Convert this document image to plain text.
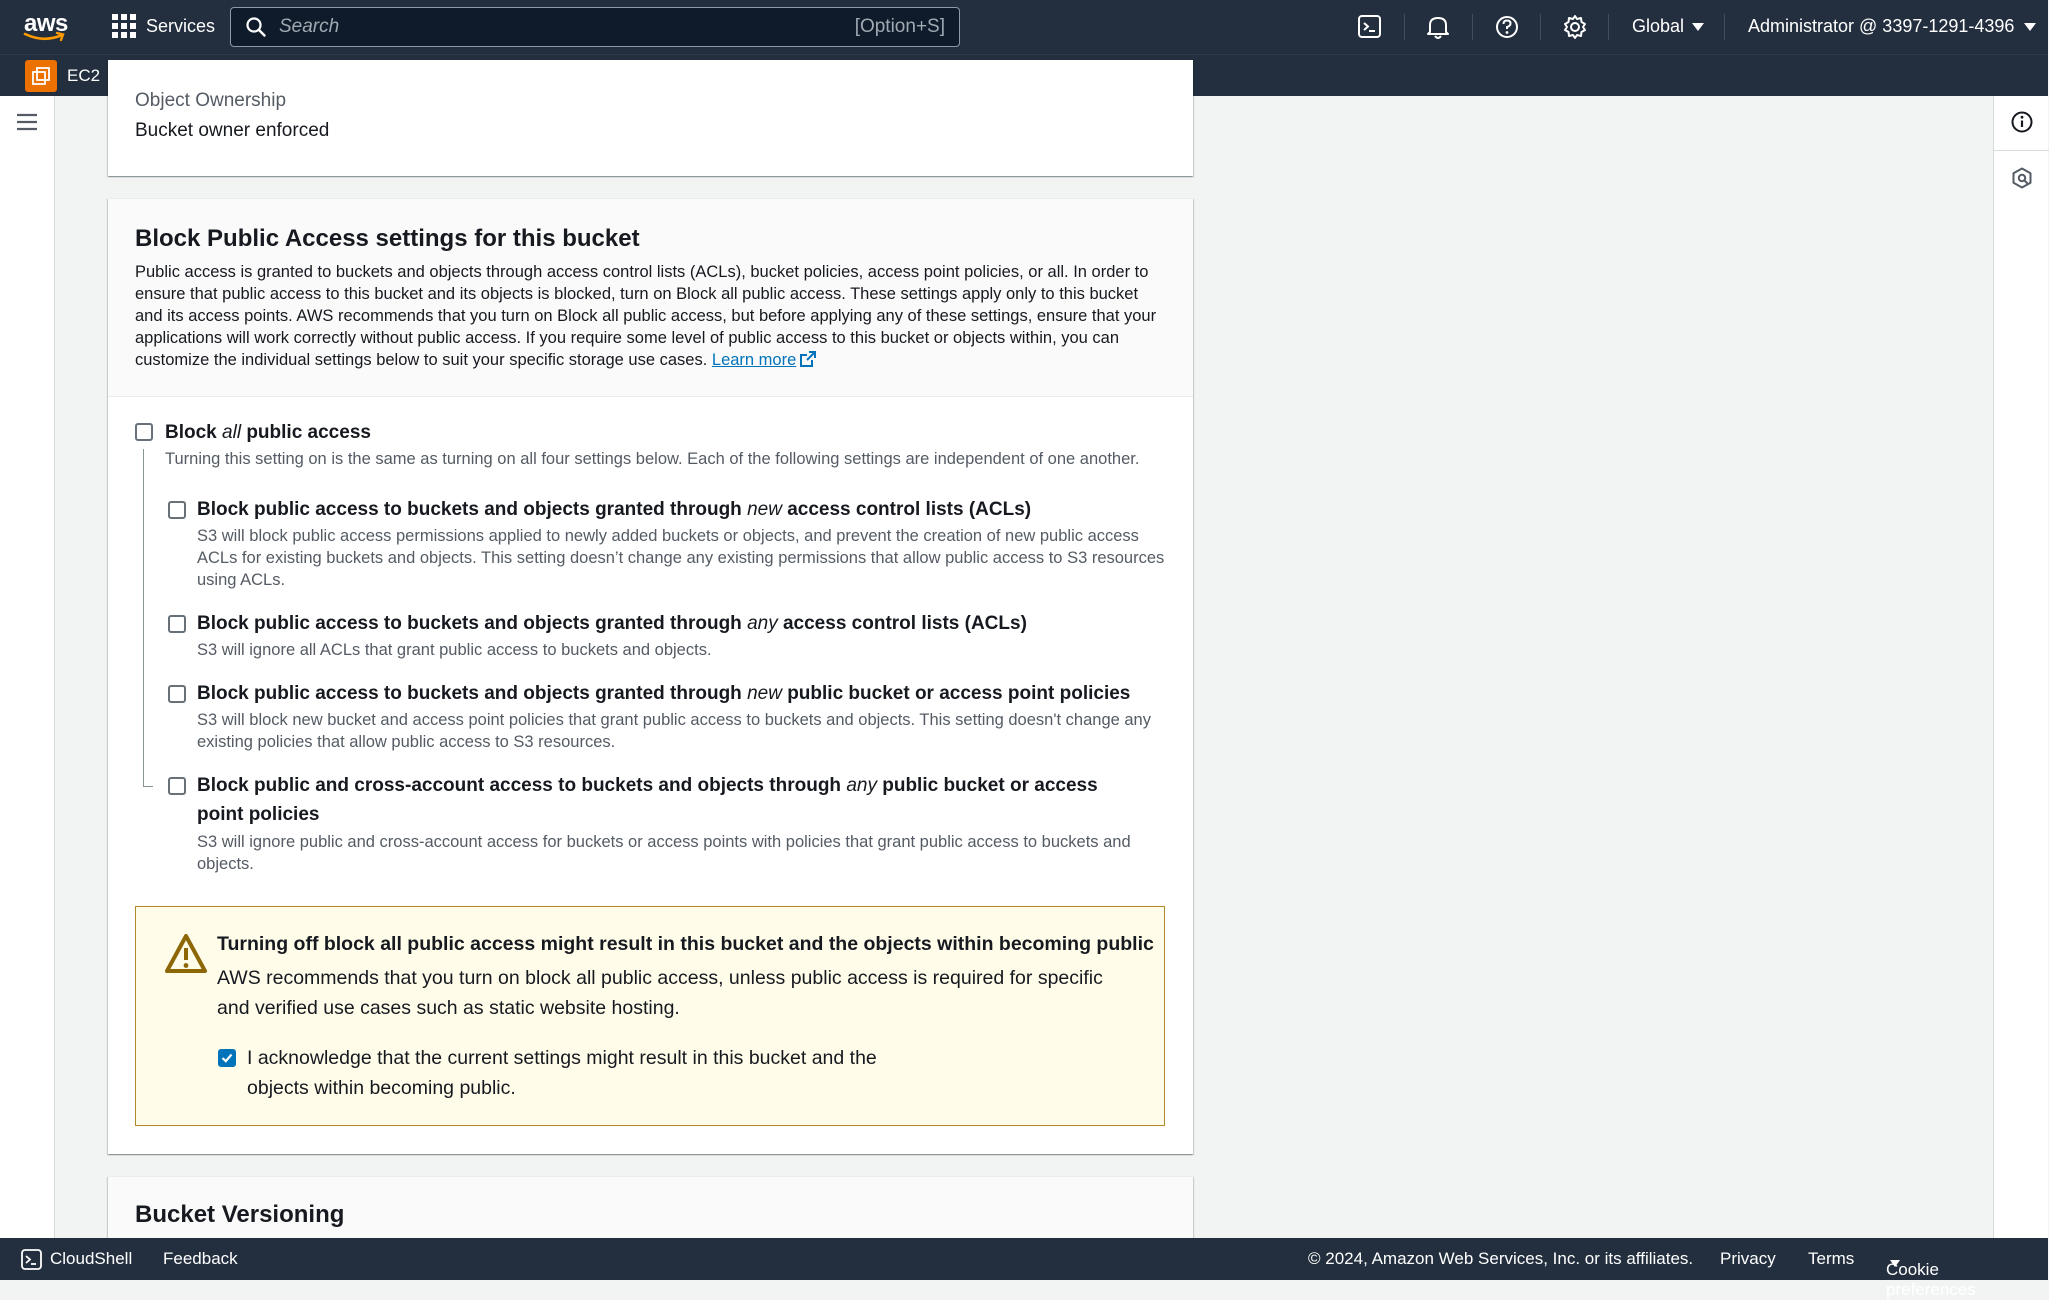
aws	Services
Search	[Option+S]	Global	Administrator @ 3397-1291-4396
EC2
Object Ownership
Bucket owner enforced
Block Public Access settings for this bucket
Public access is granted to buckets and objects through access control lists (ACLs), bucket policies, access point policies, or all. In order to ensure that public access to this bucket and its objects is blocked, turn on Block all public access. These settings apply only to this bucket and its access points. AWS recommends that you turn on Block all public access, but before applying any of these settings, ensure that your applications will work correctly without public access. If you require some level of public access to this bucket or objects within, you can customize the individual settings below to suit your specific storage use cases. Learn more
Block all public access
Turning this setting on is the same as turning on all four settings below. Each of the following settings are independent of one another.
Block public access to buckets and objects granted through new access control lists (ACLs)
S3 will block public access permissions applied to newly added buckets or objects, and prevent the creation of new public access ACLs for existing buckets and objects. This setting doesn’t change any existing permissions that allow public access to S3 resources using ACLs.
Block public access to buckets and objects granted through any access control lists (ACLs)
S3 will ignore all ACLs that grant public access to buckets and objects.
Block public access to buckets and objects granted through new public bucket or access point policies
S3 will block new bucket and access point policies that grant public access to buckets and objects. This setting doesn't change any existing policies that allow public access to S3 resources.
Block public and cross-account access to buckets and objects through any public bucket or access point policies
S3 will ignore public and cross-account access for buckets or access points with policies that grant public access to buckets and objects.
Turning off block all public access might result in this bucket and the objects within becoming public
AWS recommends that you turn on block all public access, unless public access is required for specific and verified use cases such as static website hosting.
I acknowledge that the current settings might result in this bucket and the objects within becoming public.
Bucket Versioning
CloudShell Feedback	© 2024, Amazon Web Services, Inc. or its affiliates. Privacy Terms
Cookie preferences
